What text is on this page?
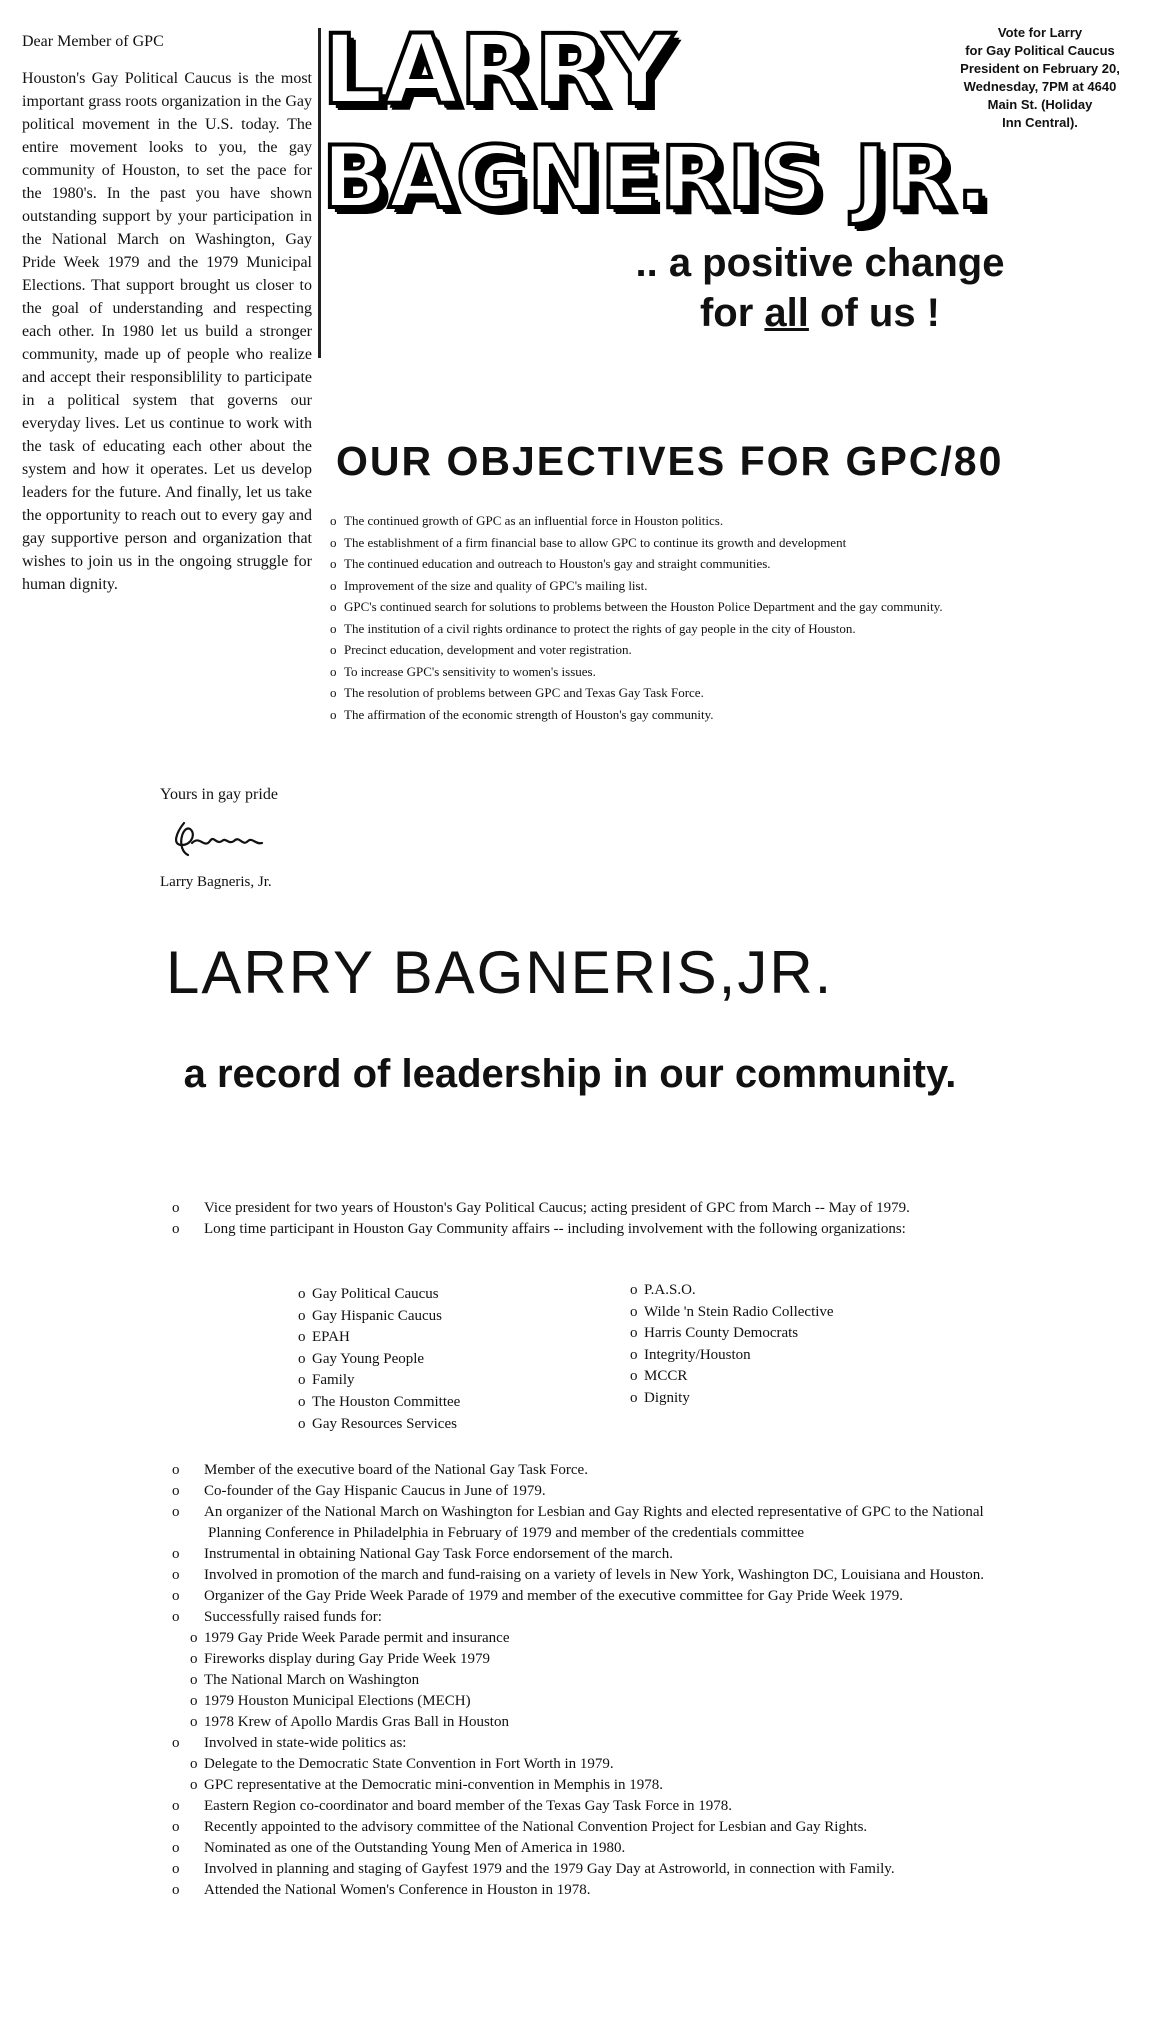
Dear Member of GPC

Houston's Gay Political Caucus is the most important grass roots organization in the Gay political movement in the U.S. today. The entire movement looks to you, the gay community of Houston, to set the pace for the 1980's. In the past you have shown outstanding support by your participation in the National March on Washington, Gay Pride Week 1979 and the 1979 Municipal Elections. That support brought us closer to the goal of understanding and respecting each other. In 1980 let us build a stronger community, made up of people who realize and accept their responsiblility to participate in a political system that governs our everyday lives. Let us continue to work with the task of educating each other about the system and how it operates. Let us develop leaders for the future. And finally, let us take the opportunity to reach out to every gay and gay supportive person and organization that wishes to join us in the ongoing struggle for human dignity.

Yours in gay pride
Larry Bagneris, Jr.
LARRY
BAGNERIS JR.
Vote for Larry
for Gay Political Caucus
President on February 20,
Wednesday, 7PM at 4640
Main St. (Holiday
Inn Central).
.. a positive change
for all of us !
OUR OBJECTIVES FOR GPC/80
o The continued growth of GPC as an influential force in Houston politics.
o The establishment of a firm financial base to allow GPC to continue its growth and development
o The continued education and outreach to Houston's gay and straight communities.
o Improvement of the size and quality of GPC's mailing list.
o GPC's continued search for solutions to problems between the Houston Police Department and the gay community.
o The institution of a civil rights ordinance to protect the rights of gay people in the city of Houston.
o Precinct education, development and voter registration.
o To increase GPC's sensitivity to women's issues.
o The resolution of problems between GPC and Texas Gay Task Force.
o The affirmation of the economic strength of Houston's gay community.
LARRY BAGNERIS,JR.
a record of leadership in our community.
o Vice president for two years of Houston's Gay Political Caucus; acting president of GPC from March -- May of 1979.
o Long time participant in Houston Gay Community affairs -- including involvement with the following organizations:
o Gay Political Caucus
o Gay Hispanic Caucus
o EPAH
o Gay Young People
o Family
o The Houston Committee
o Gay Resources Services
o P.A.S.O.
o Wilde 'n Stein Radio Collective
o Harris County Democrats
o Integrity/Houston
o MCCR
o Dignity
o Member of the executive board of the National Gay Task Force.
o Co-founder of the Gay Hispanic Caucus in June of 1979.
o An organizer of the National March on Washington for Lesbian and Gay Rights and elected representative of GPC to the National Planning Conference in Philadelphia in February of 1979 and member of the credentials committee
o Instrumental in obtaining National Gay Task Force endorsement of the march.
o Involved in promotion of the march and fund-raising on a variety of levels in New York, Washington DC, Louisiana and Houston.
o Organizer of the Gay Pride Week Parade of 1979 and member of the executive committee for Gay Pride Week 1979.
o Successfully raised funds for:
o 1979 Gay Pride Week Parade permit and insurance
o Fireworks display during Gay Pride Week 1979
o The National March on Washington
o 1979 Houston Municipal Elections (MECH)
o 1978 Krew of Apollo Mardis Gras Ball in Houston
o Involved in state-wide politics as:
o Delegate to the Democratic State Convention in Fort Worth in 1979.
o GPC representative at the Democratic mini-convention in Memphis in 1978.
o Eastern Region co-coordinator and board member of the Texas Gay Task Force in 1978.
o Recently appointed to the advisory committee of the National Convention Project for Lesbian and Gay Rights.
o Nominated as one of the Outstanding Young Men of America in 1980.
o Involved in planning and staging of Gayfest 1979 and the 1979 Gay Day at Astroworld, in connection with Family.
o Attended the National Women's Conference in Houston in 1978.
